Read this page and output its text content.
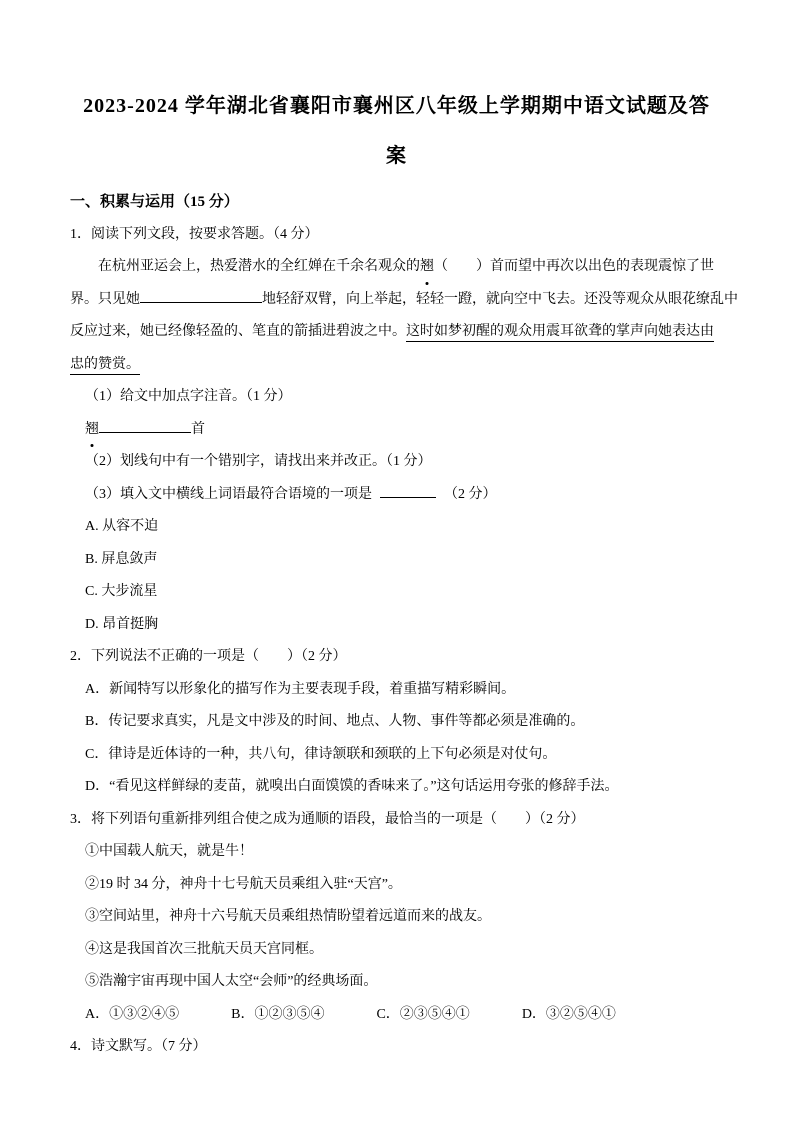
2023-2024 学年湖北省襄阳市襄州区八年级上学期期中语文试题及答
案
一、积累与运用（15 分）
1．阅读下列文段，按要求答题。（4 分）
在杭州亚运会上，热爱潜水的全红婵在千余名观众的翘（　　）首而望中再次以出色的表现震惊了世
界。只见她	地轻舒双臂，向上举起，轻轻一蹬，就向空中飞去。还没等观众从眼花缭乱中
反应过来，她已经像轻盈的、笔直的箭插进碧波之中。这时如梦初醒的观众用震耳欲聋的掌声向她表达由
忠的赞赏。
（1）给文中加点字注音。（1 分）
翘	首
（2）划线句中有一个错别字，请找出来并改正。（1 分）
（3）填入文中横线上词语最符合语境的一项是	（2 分）
A. 从容不迫
B. 屏息敛声
C. 大步流星
D. 昂首挺胸
2．下列说法不正确的一项是（　　）（2 分）
A．新闻特写以形象化的描写作为主要表现手段，着重描写精彩瞬间。
B．传记要求真实，凡是文中涉及的时间、地点、人物、事件等都必须是准确的。
C．律诗是近体诗的一种，共八句，律诗颔联和颈联的上下句必须是对仗句。
D．“看见这样鲜绿的麦苗，就嗅出白面馍馍的香味来了。”这句话运用夸张的修辞手法。
3．将下列语句重新排列组合使之成为通顺的语段，最恰当的一项是（　　）（2 分）
①中国载人航天，就是牛！
②19 时 34 分，神舟十七号航天员乘组入驻“天宫”。
③空间站里，神舟十六号航天员乘组热情盼望着远道而来的战友。
④这是我国首次三批航天员天宫同框。
⑤浩瀚宇宙再现中国人太空“会师”的经典场面。
A．①③②④⑤	B．①②③⑤④	C．②③⑤④①	D．③②⑤④①
4．诗文默写。（7 分）
